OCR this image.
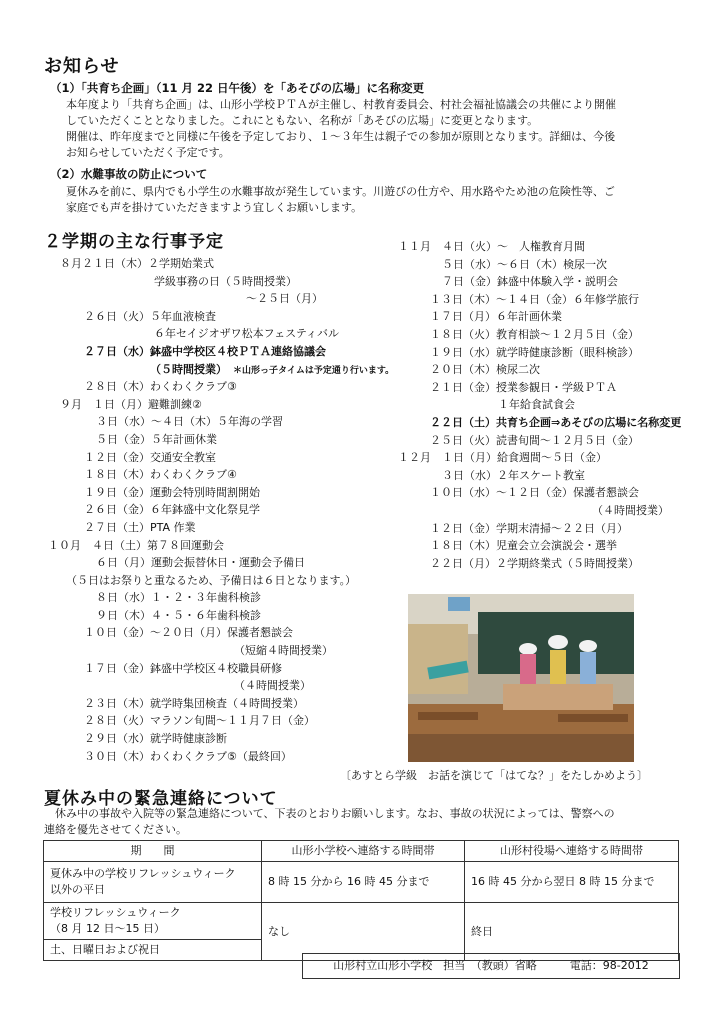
お知らせ
（1）「共育ち企画」（11 月 22 日午後）を「あそびの広場」に名称変更

本年度より「共育ち企画」は、山形小学校ＰＴＡが主催し、村教育委員会、村社会福祉協議会の共催により開催

していただくこととなりました。これにともない、名称が「あそびの広場」に変更となります。

開催は、昨年度までと同様に午後を予定しており、１～３年生は親子での参加が原則となります。詳細は、今後

お知らせしていただく予定です。

（2）水難事故の防止について

夏休みを前に、県内でも小学生の水難事故が発生しています。川遊びの仕方や、用水路やため池の危険性等、ご

家庭でも声を掛けていただきますよう宜しくお願いします。

２学期の主な行事予定
８月２１日（木）２学期始業式
学級事務の日（５時間授業）
～２５日（月）
２６日（火）５年血液検査
６年セイジオザワ松本フェスティバル
２７日（水）鉢盛中学校区４校ＰＴＡ連絡協議会
（５時間授業） ＊山形っ子タイムは予定通り行います。
２８日（木）わくわくクラブ③
９月　１日（月）避難訓練②
３日（水）～４日（木）５年海の学習
５日（金）５年計画休業
１２日（金）交通安全教室
１８日（木）わくわくクラブ④
１９日（金）運動会特別時間割開始
２６日（金）６年鉢盛中文化祭見学
２７日（土）PTA 作業
１０月　４日（土）第７８回運動会
６日（月）運動会振替休日・運動会予備日
（５日はお祭りと重なるため、予備日は６日となります。）
８日（水）１・２・３年歯科検診
９日（木）４・５・６年歯科検診
１０日（金）～２０日（月）保護者懇談会
（短縮４時間授業）
１７日（金）鉢盛中学校区４校職員研修
（４時間授業）
２３日（木）就学時集団検査（４時間授業）
２８日（火）マラソン旬間～１１月７日（金）
２９日（水）就学時健康診断
３０日（木）わくわくクラブ⑤（最終回）
１１月　４日（火）～　人権教育月間
５日（水）～６日（木）検尿一次
７日（金）鉢盛中体験入学・説明会
１３日（木）～１４日（金）６年修学旅行
１７日（月）６年計画休業
１８日（火）教育相談～１２月５日（金）
１９日（水）就学時健康診断（眼科検診）
２０日（木）検尿二次
２１日（金）授業参観日・学級ＰＴＡ
１年給食試食会
２２日（土）共育ち企画⇒あそびの広場に名称変更
２５日（火）読書旬間～１２月５日（金）
１２月　１日（月）給食週間～５日（金）
３日（水）２年スケート教室
１０日（水）～１２日（金）保護者懇談会
（４時間授業）
１２日（金）学期末清掃～２２日（月）
１８日（木）児童会立会演説会・選挙
２２日（月）２学期終業式（５時間授業）
〔あすとら学級　お話を演じて「はてな？」をたしかめよう〕
夏休み中の緊急連絡について

休み中の事故や入院等の緊急連絡について、下表のとおりお願いします。なお、事故の状況によっては、警察への

連絡を優先させてください。

期　　間	山形小学校へ連絡する時間帯	山形村役場へ連絡する時間帯

夏休み中の学校リフレッシュウィーク
以外の平日	8 時 15 分から 16 時 45 分まで	16 時 45 分から翌日 8 時 15 分まで

学校リフレッシュウィーク
（8 月 12 日～15 日）	なし	終日
土、日曜日および祝日		
山形村立山形小学校　担当　（教頭）省略　　　電話：98-2012
